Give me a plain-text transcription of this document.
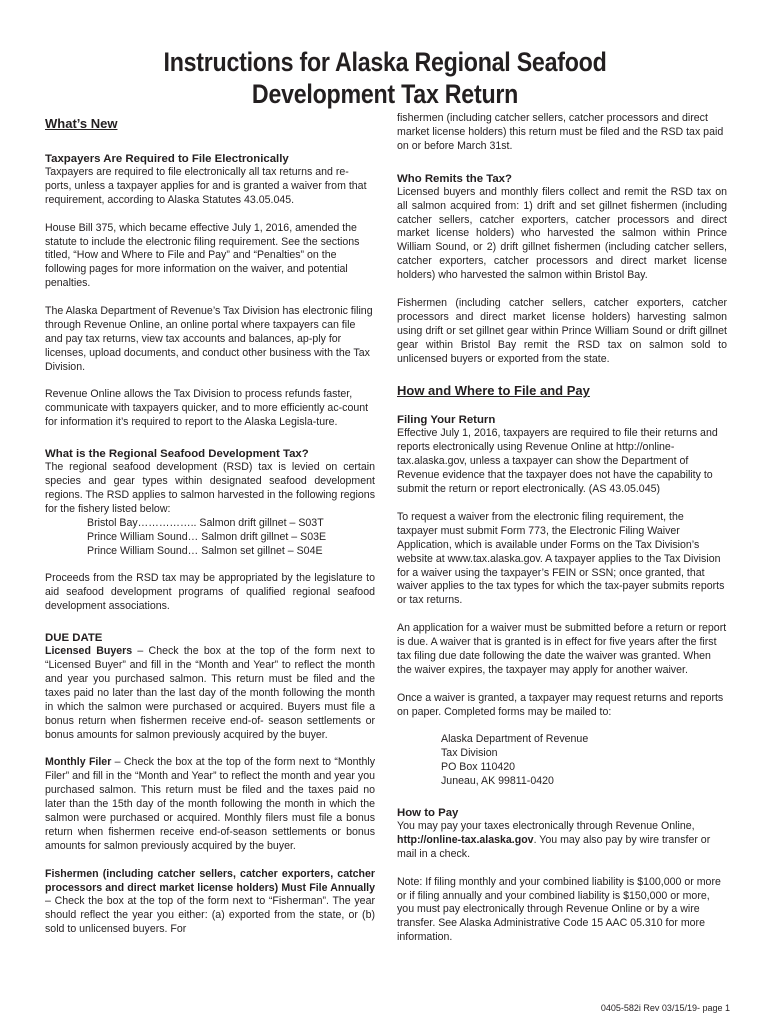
Instructions for Alaska Regional Seafood
Development Tax Return
What’s New
Taxpayers Are Required to File Electronically

Taxpayers are required to file electronically all tax returns and re-ports, unless a taxpayer applies for and is granted a waiver from that requirement, according to Alaska Statutes 43.05.045.

House Bill 375, which became effective July 1, 2016, amended the statute to include the electronic filing requirement. See the sections titled, “How and Where to File and Pay” and “Penalties” on the following pages for more information on the waiver, and potential penalties.

The Alaska Department of Revenue’s Tax Division has electronic filing through Revenue Online, an online portal where taxpayers can file and pay tax returns, view tax accounts and balances, ap-ply for licenses, upload documents, and conduct other business with the Tax Division.

Revenue Online allows the Tax Division to process refunds faster, communicate with taxpayers quicker, and to more efficiently ac-count for information it’s required to report to the Alaska Legisla-ture.

What is the Regional Seafood Development Tax?

The regional seafood development (RSD) tax is levied on certain species and gear types within designated seafood development regions. The RSD applies to salmon harvested in the following regions for the fishery listed below:

Bristol Bay…………….. Salmon drift gillnet – S03T
Prince William Sound… Salmon drift gillnet – S03E
Prince William Sound… Salmon set gillnet – S04E

Proceeds from the RSD tax may be appropriated by the legislature to aid seafood development programs of qualified regional seafood development associations.

DUE DATE

Licensed Buyers – Check the box at the top of the form next to “Licensed Buyer” and fill in the “Month and Year” to reflect the month and year you purchased salmon. This return must be filed and the taxes paid no later than the last day of the month following the month in which the salmon were purchased or acquired. Buyers must file a bonus return when fishermen receive end-of- season settlements or bonus amounts for salmon previously acquired by the buyer.

Monthly Filer – Check the box at the top of the form next to “Monthly Filer” and fill in the “Month and Year” to reflect the month and year you purchased salmon. This return must be filed and the taxes paid no later than the 15th day of the month following the month in which the salmon were purchased or acquired. Monthly filers must file a bonus return when fishermen receive end-of-season settlements or bonus amounts for salmon previously acquired by the buyer.

Fishermen (including catcher sellers, catcher exporters, catcher processors and direct market license holders) Must File Annually – Check the box at the top of the form next to “Fisherman”. The year should reflect the year you either: (a) exported from the state, or (b) sold to unlicensed buyers. For

fishermen (including catcher sellers, catcher processors and direct market license holders) this return must be filed and the RSD tax paid on or before March 31st.

Who Remits the Tax?

Licensed buyers and monthly filers collect and remit the RSD tax on all salmon acquired from: 1) drift and set gillnet fishermen (including catcher sellers, catcher exporters, catcher processors and direct market license holders) who harvested the salmon within Prince William Sound, or 2) drift gillnet fishermen (including catcher sellers, catcher exporters, catcher processors and direct market license holders) who harvested the salmon within Bristol Bay.

Fishermen (including catcher sellers, catcher exporters, catcher processors and direct market license holders) harvesting salmon using drift or set gillnet gear within Prince William Sound or drift gillnet gear within Bristol Bay remit the RSD tax on salmon sold to unlicensed buyers or exported from the state.

How and Where to File and Pay
Filing Your Return

Effective July 1, 2016, taxpayers are required to file their returns and reports electronically using Revenue Online at http://online-tax.alaska.gov, unless a taxpayer can show the Department of Revenue evidence that the taxpayer does not have the capability to submit the return or report electronically. (AS 43.05.045)

To request a waiver from the electronic filing requirement, the taxpayer must submit Form 773, the Electronic Filing Waiver Application, which is available under Forms on the Tax Division’s website at www.tax.alaska.gov. A taxpayer applies to the Tax Division for a waiver using the taxpayer’s FEIN or SSN; once granted, that waiver applies to the tax types for which the tax-payer submits reports or tax returns.

An application for a waiver must be submitted before a return or report is due. A waiver that is granted is in effect for five years after the first tax filing due date following the date the waiver was granted. When the waiver expires, the taxpayer may apply for another waiver.

Once a waiver is granted, a taxpayer may request returns and reports on paper. Completed forms may be mailed to:

Alaska Department of Revenue
Tax Division
PO Box 110420
Juneau, AK 99811-0420
How to Pay

You may pay your taxes electronically through Revenue Online, http://online-tax.alaska.gov. You may also pay by wire transfer or mail in a check.

Note: If filing monthly and your combined liability is $100,000 or more or if filing annually and your combined liability is $150,000 or more, you must pay electronically through Revenue Online or by a wire transfer. See Alaska Administrative Code 15 AAC 05.310 for more information.

0405-582i Rev 03/15/19- page 1
